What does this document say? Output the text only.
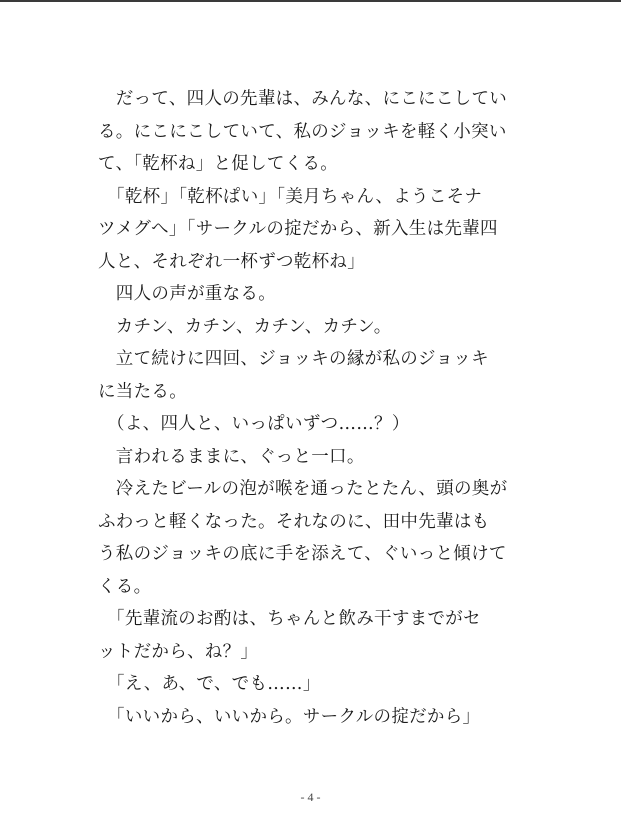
　だって、四人の先輩は、みんな、にこにこしてい
る。にこにこしていて、私のジョッキを軽く小突い
て、「乾杯ね」と促してくる。
　「乾杯」「乾杯ぱい」「美月ちゃん、ようこそナ
ツメグへ」「サークルの掟だから、新入生は先輩四
人と、それぞれ一杯ずつ乾杯ね」
　四人の声が重なる。
　カチン、カチン、カチン、カチン。
　立て続けに四回、ジョッキの縁が私のジョッキ
に当たる。
　（よ、四人と、いっぱいずつ……？）
　言われるままに、ぐっと一口。
　冷えたビールの泡が喉を通ったとたん、頭の奥が
ふわっと軽くなった。それなのに、田中先輩はも
う私のジョッキの底に手を添えて、ぐいっと傾けて
くる。
　「先輩流のお酌は、ちゃんと飲み干すまでがセ
ットだから、ね？」
　「え、あ、で、でも……」
　「いいから、いいから。サークルの掟だから」
- 4 -
